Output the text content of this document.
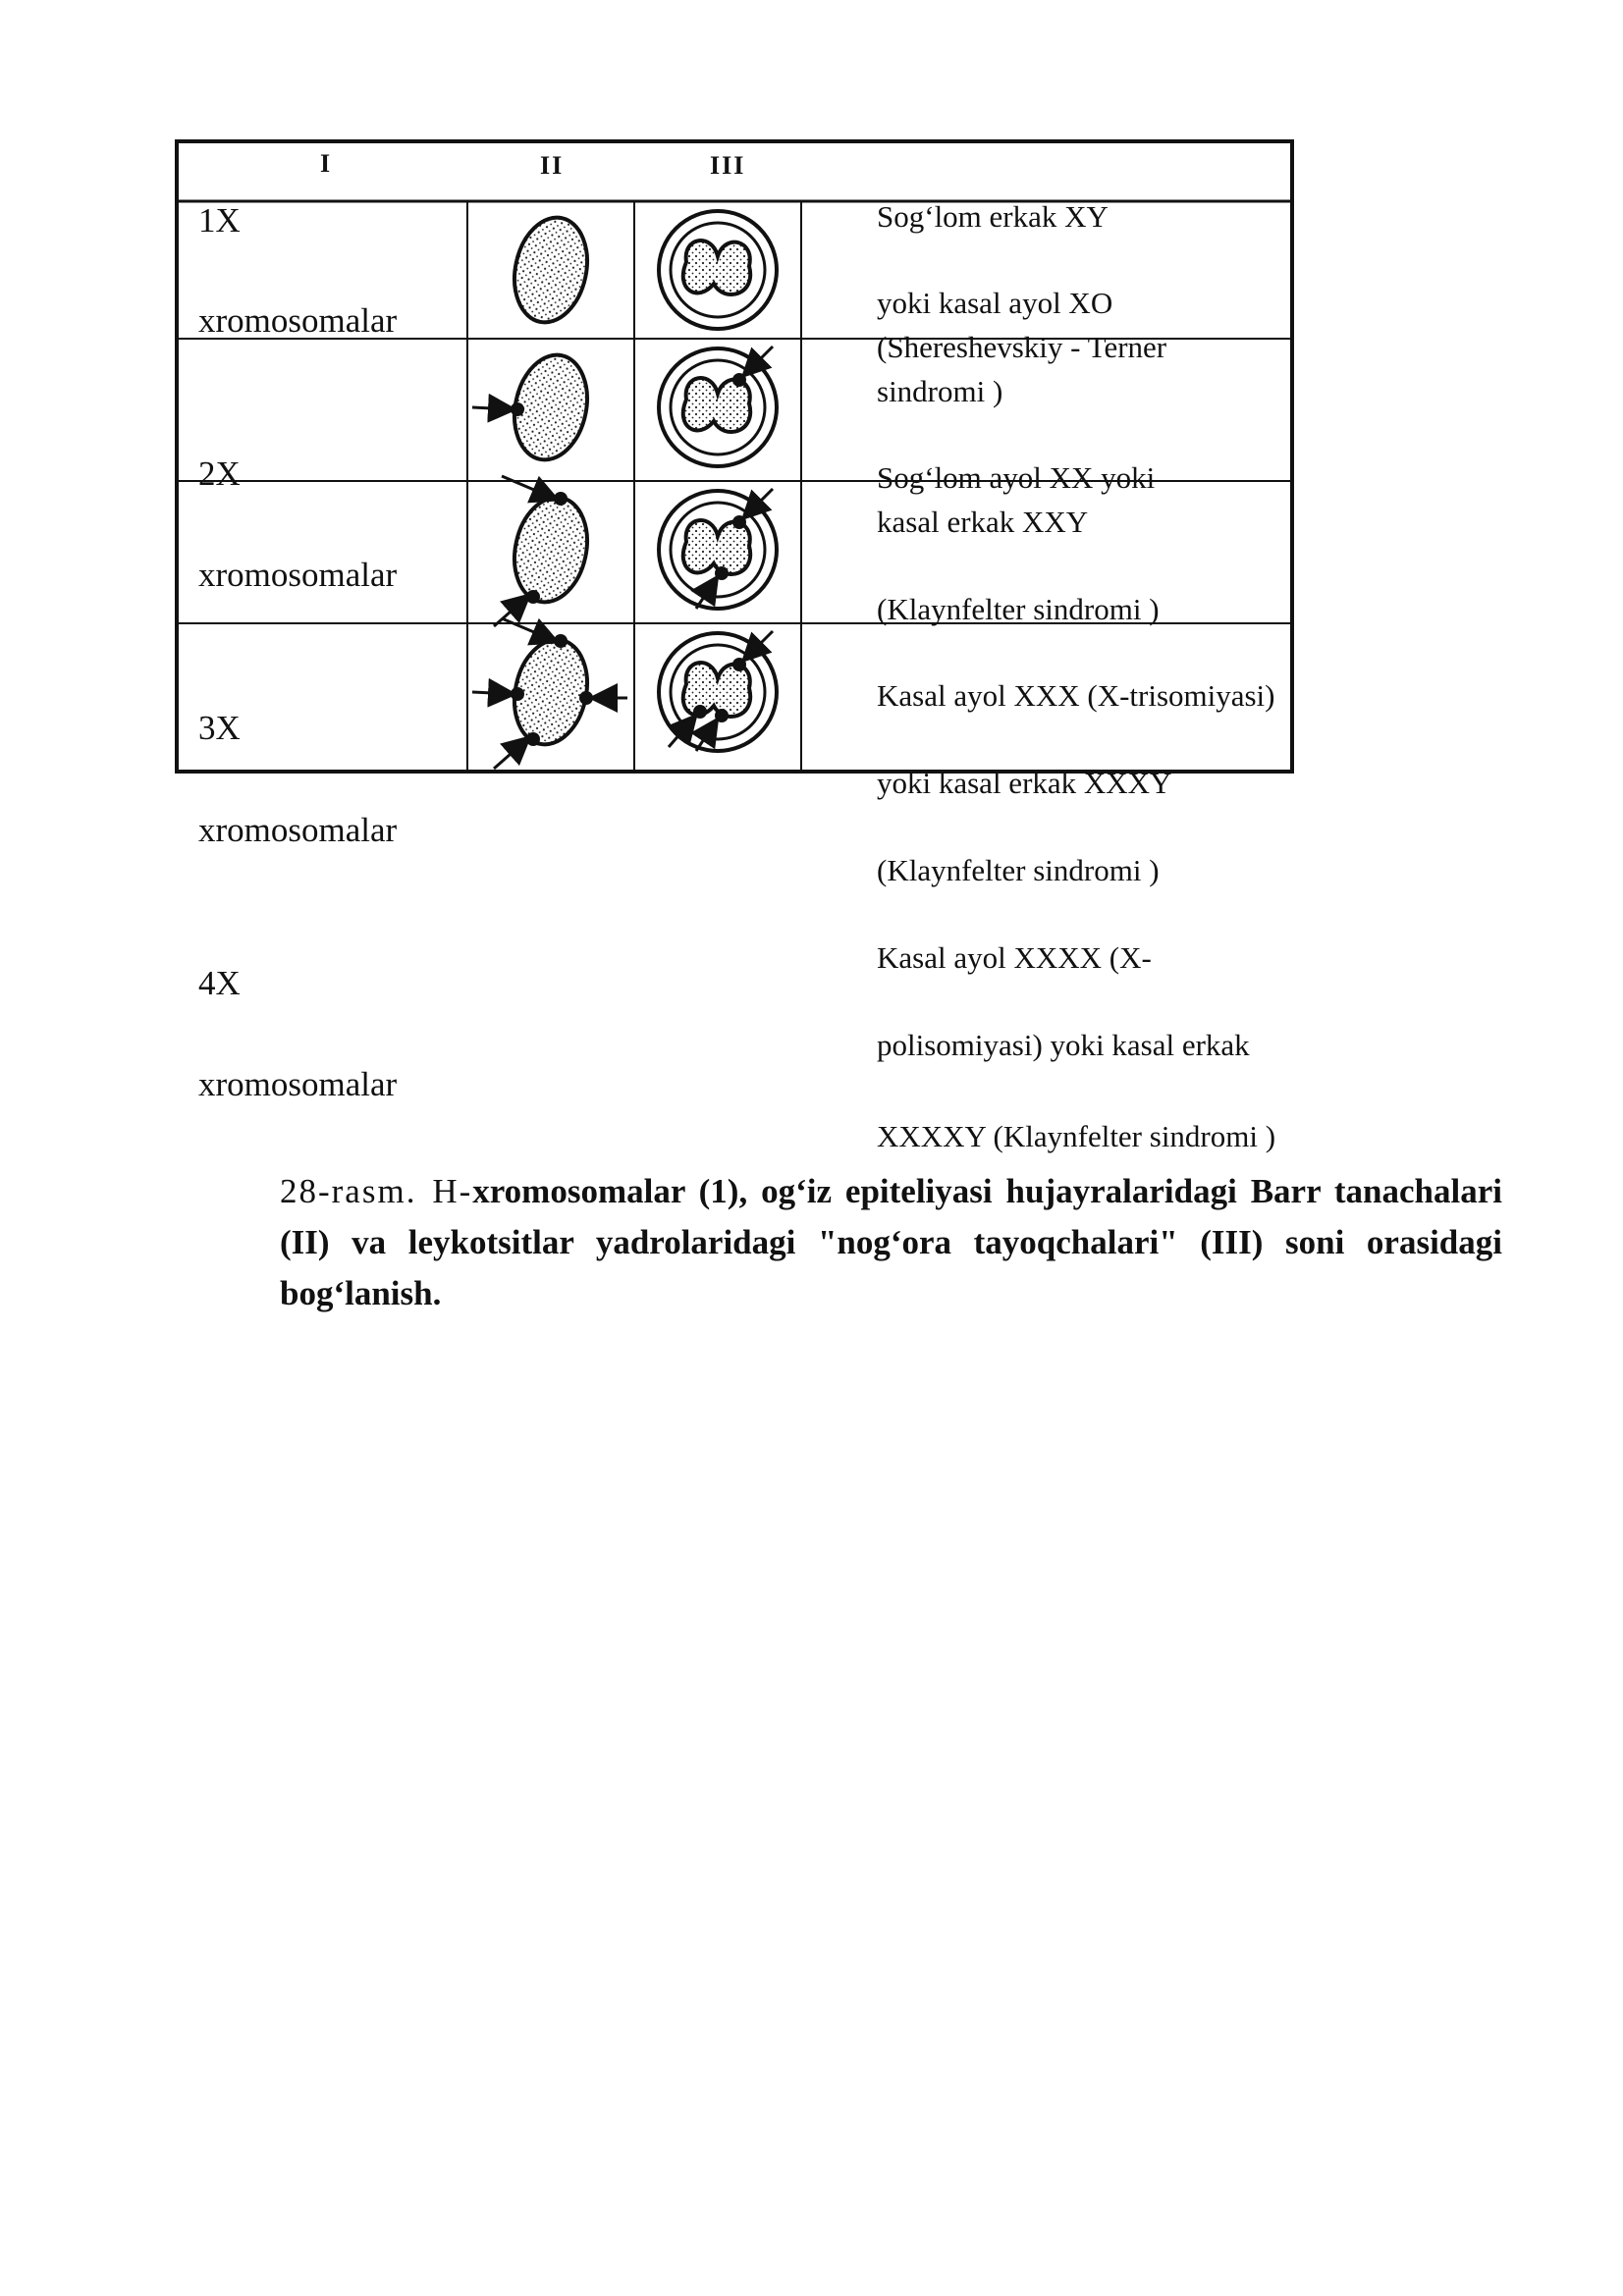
I	II	III
1X
xromosomalar
2X
xromosomalar
3X
xromosomalar
4X
xromosomalar
Sog‘lom erkak XY
yoki kasal ayol XO
(Shereshevskiy - Terner
sindromi )
Sog‘lom ayol XX yoki
kasal erkak XXY
(Klaynfelter sindromi )
Kasal ayol XXX (X-trisomiyasi)
yoki kasal erkak XXXY
(Klaynfelter sindromi )
Kasal ayol XXXX (X-
polisomiyasi) yoki kasal erkak
XXXXY (Klaynfelter sindromi )
28-rasm. H-xromosomalar (1), og‘iz epiteliyasi hujayralaridagi Barr tanachalari (II) va leykotsitlar yadrolaridagi "nog‘ora tayoqchalari" (III) soni orasidagi bog‘lanish.
